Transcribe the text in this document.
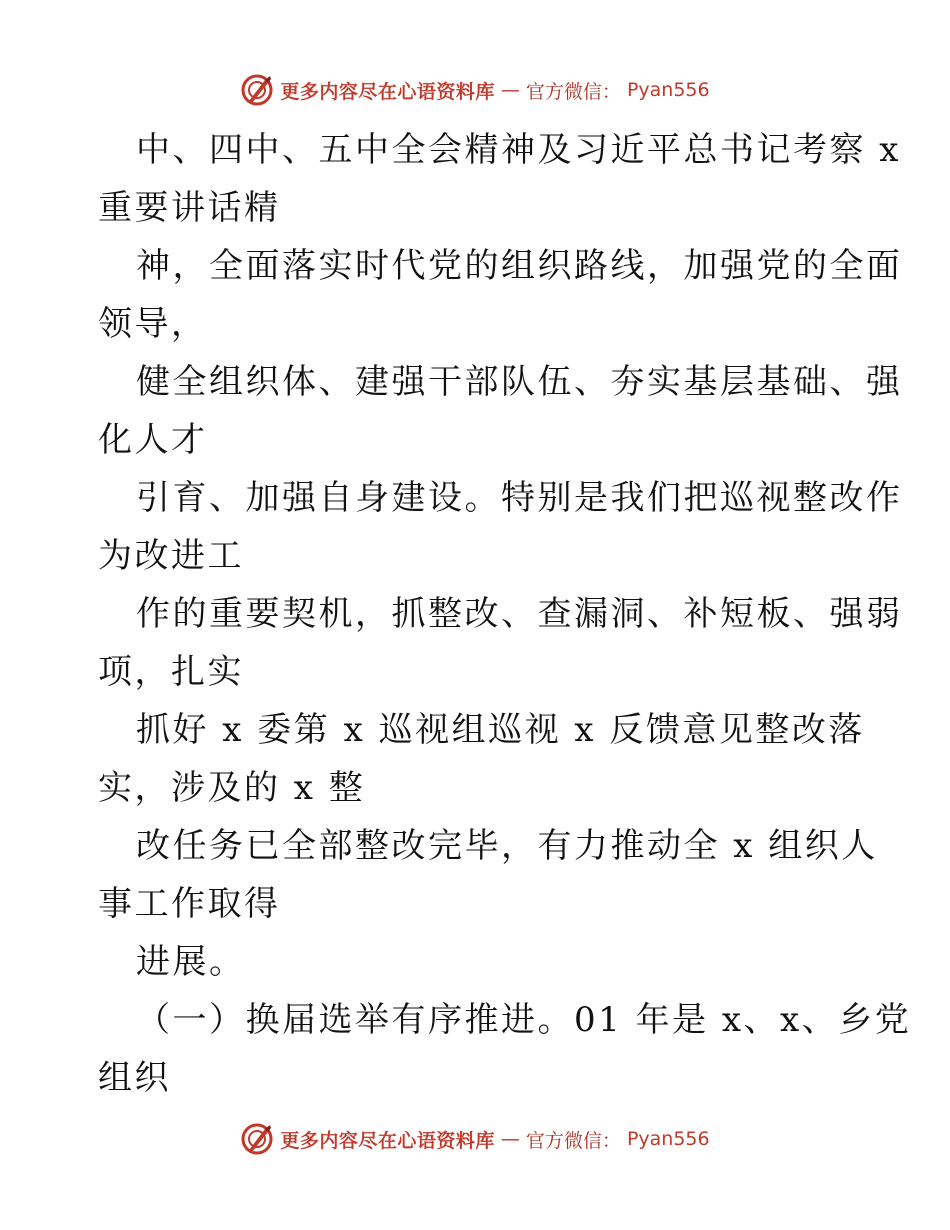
更多内容尽在心语资料库 — 官方微信： Pyan556
中、四中、五中全会精神及习近平总书记考察 x
重要讲话精
神，全面落实时代党的组织路线，加强党的全面
领导，
健全组织体、建强干部队伍、夯实基层基础、强
化人才
引育、加强自身建设。特别是我们把巡视整改作
为改进工
作的重要契机，抓整改、查漏洞、补短板、强弱
项，扎实
抓好 x 委第 x 巡视组巡视 x 反馈意见整改落
实，涉及的 x 整
改任务已全部整改完毕，有力推动全 x 组织人
事工作取得
进展。
（一）换届选举有序推进。01 年是 x、x、乡党
组织
更多内容尽在心语资料库 — 官方微信： Pyan556
